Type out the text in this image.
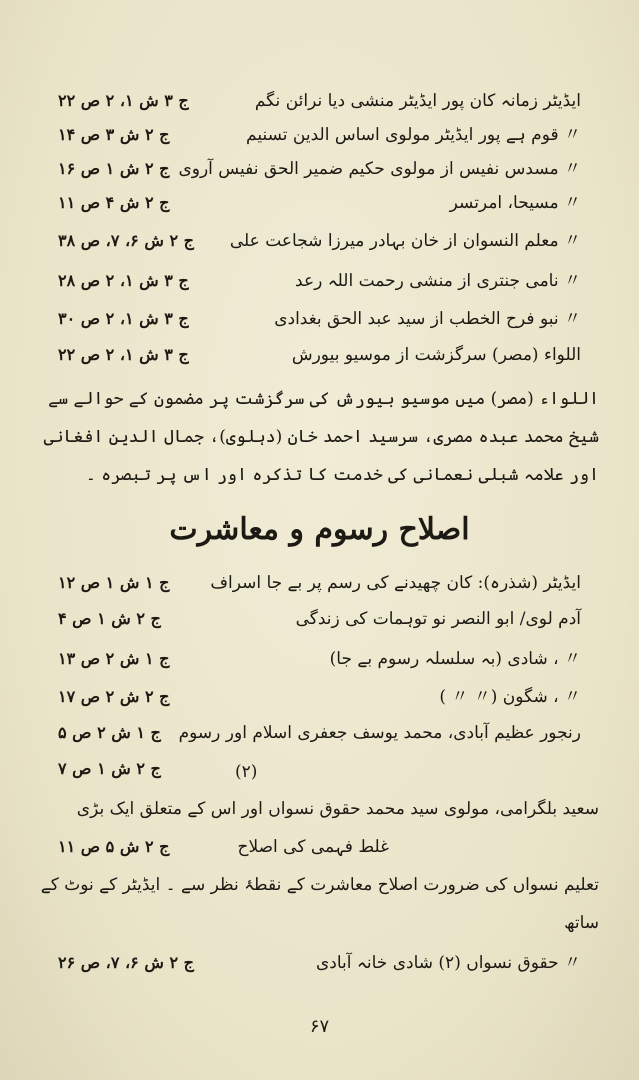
ایڈیٹر زمانہ کان پور ایڈیٹر منشی دیا نرائن نگم
ج ۳ ش ۱، ۲ ص ۲۲
〃 قوم ہے پور ایڈیٹر مولوی اساس الدین تسنیم
ج ۲ ش ۳ ص ۱۴
〃 مسدس نفیس از مولوی حکیم ضمیر الحق نفیس آروی
ج ۲ ش ۱ ص ۱۶
〃 مسیحا، امرتسر
ج ۲ ش ۴ ص ۱۱
〃 معلم النسوان از خان بہادر میرزا شجاعت علی
ج ۲ ش ۶، ۷، ص ۳۸
〃 نامی جنتری از منشی رحمت اللہ رعد
ج ۳ ش ۱، ۲ ص ۲۸
〃 نبو فرح الخطب از سید عبد الحق بغدادی
ج ۳ ش ۱، ۲ ص ۳۰
اللواء (مصر) سرگزشت از موسیو بیورش
ج ۳ ش ۱، ۲ ص ۲۲
اللواء (مصر) میں موسیو بیورش کی سرگزشت پر مضمون کے حوالے سے شیخ محمد عبدہ مصری، سرسید احمد خان (دہلوی)، جمال الدین افغانی اور علامہ شبلی نعمانی کی خدمت کا تذکرہ اور اس پر تبصرہ ۔
اصلاح رسوم و معاشرت
ایڈیٹر (شذرہ): کان چھیدنے کی رسم پر بے جا اسراف
ج ۱ ش ۱ ص ۱۲
آدم لوی/ ابو النصر نو توہمات کی زندگی
ج ۲ ش ۱ ص ۴
〃 ، شادی (بہ سلسلہ رسوم بے جا)
ج ۱ ش ۲ ص ۱۳
〃 ، شگون (〃 〃 )
ج ۲ ش ۲ ص ۱۷
رنجور عظیم آبادی، محمد یوسف جعفری اسلام اور رسوم
ج ۱ ش ۲ ص ۵
ج ۲ ش ۱ ص ۷	(۲)
سعید بلگرامی، مولوی سید محمد حقوق نسواں اور اس کے متعلق ایک بڑی
غلط فہمی کی اصلاح
ج ۲ ش ۵ ص ۱۱
تعلیم نسواں کی ضرورت اصلاح معاشرت کے نقطۂ نظر سے ۔ ایڈیٹر کے نوٹ کے ساتھ
〃 حقوق نسواں (۲) شادی خانہ آبادی
ج ۲ ش ۶، ۷، ص ۲۶
۶۷
